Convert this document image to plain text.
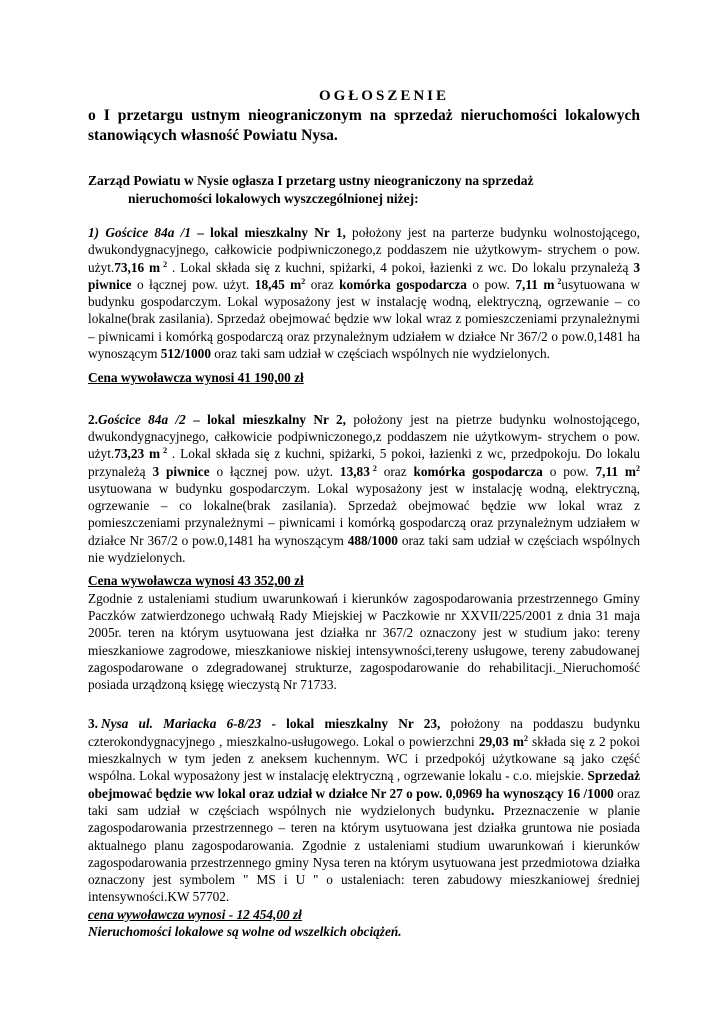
OGŁOSZENIE
o I przetargu ustnym nieograniczonym na sprzedaż nieruchomości lokalowych stanowiących własność Powiatu Nysa.
Zarząd Powiatu w Nysie ogłasza I przetarg ustny nieograniczony na sprzedaż
nieruchomości lokalowych wyszczególnionej niżej:

1) Gościce 84a /1 – lokal mieszkalny Nr 1, położony jest na parterze budynku wolnostojącego, dwukondygnacyjnego, całkowicie podpiwniczonego,z poddaszem nie użytkowym- strychem o pow. użyt.73,16 m $^2$ . Lokal składa się z kuchni, spiżarki, 4 pokoi, łazienki z wc. Do lokalu przynależą 3 piwnice o łącznej pow. użyt. 18,45 $m^2$ oraz komórka gospodarcza o pow. 7,11 m $^2$usytuowana w budynku gospodarczym. Lokal wyposażony jest w instalację wodną, elektryczną, ogrzewanie – co lokalne(brak zasilania). Sprzedaż obejmować będzie ww lokal wraz z pomieszczeniami przynależnymi – piwnicami i komórką gospodarczą oraz przynależnym udziałem w działce Nr 367/2 o pow.0,1481 ha wynoszącym 512/1000 oraz taki sam udział w częściach wspólnych nie wydzielonych.

Cena wywoławcza wynosi 41 190,00 zł

2.Gościce 84a /2 – lokal mieszkalny Nr 2, położony jest na pietrze budynku wolnostojącego, dwukondygnacyjnego, całkowicie podpiwniczonego,z poddaszem nie użytkowym- strychem o pow. użyt.73,23 m $^2$ . Lokal składa się z kuchni, spiżarki, 5 pokoi, łazienki z wc, przedpokoju. Do lokalu przynależą 3 piwnice o łącznej pow. użyt. 13,83 $^2$ oraz komórka gospodarcza o pow. 7,11 $m^2$ usytuowana w budynku gospodarczym. Lokal wyposażony jest w instalację wodną, elektryczną, ogrzewanie – co lokalne(brak zasilania). Sprzedaż obejmować będzie ww lokal wraz z pomieszczeniami przynależnymi – piwnicami i komórką gospodarczą oraz przynależnym udziałem w działce Nr 367/2 o pow.0,1481 ha wynoszącym 488/1000 oraz taki sam udział w częściach wspólnych nie wydzielonych.

Cena wywoławcza wynosi 43 352,00 zł

Zgodnie z ustaleniami studium uwarunkowań i kierunków zagospodarowania przestrzennego Gminy Paczków zatwierdzonego uchwałą Rady Miejskiej w Paczkowie nr XXVII/225/2001 z dnia 31 maja 2005r. teren na którym usytuowana jest działka nr 367/2 oznaczony jest w studium jako: tereny mieszkaniowe zagrodowe, mieszkaniowe niskiej intensywności,tereny usługowe, tereny zabudowanej zagospodarowane o zdegradowanej strukturze, zagospodarowanie do rehabilitacji._Nieruchomość posiada urządzoną księgę wieczystą Nr 71733.

3. Nysa ul. Mariacka 6-8/23 - lokal mieszkalny Nr 23, położony na poddaszu budynku czterokondygnacyjnego , mieszkalno-usługowego. Lokal o powierzchni 29,03 $m^2$ składa się z 2 pokoi mieszkalnych w tym jeden z aneksem kuchennym. WC i przedpokój użytkowane są jako część wspólna. Lokal wyposażony jest w instalację elektryczną , ogrzewanie lokalu - c.o. miejskie. Sprzedaż obejmować będzie ww lokal oraz udział w działce Nr 27 o pow. 0,0969 ha wynoszący 16 /1000 oraz taki sam udział w częściach wspólnych nie wydzielonych budynku. Przeznaczenie w planie zagospodarowania przestrzennego – teren na którym usytuowana jest działka gruntowa nie posiada aktualnego planu zagospodarowania. Zgodnie z ustaleniami studium uwarunkowań i kierunków zagospodarowania przestrzennego gminy Nysa teren na którym usytuowana jest przedmiotowa działka oznaczony jest symbolem " MS i U '' o ustaleniach: teren zabudowy mieszkaniowej średniej intensywności.KW 57702.

cena wywoławcza wynosi - 12 454,00 zł
Nieruchomości lokalowe są wolne od wszelkich obciążeń.
